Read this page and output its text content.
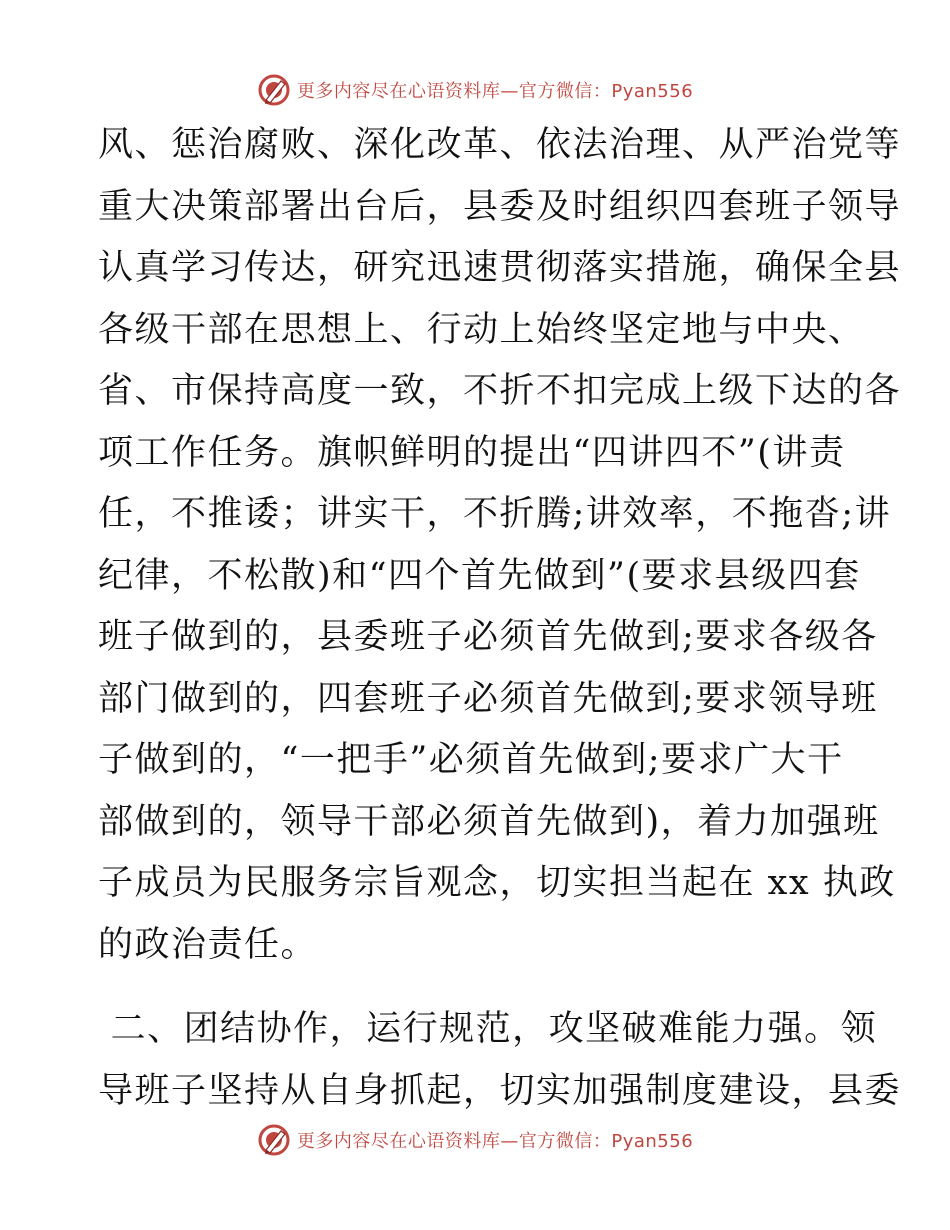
更多内容尽在心语资料库—官方微信：Pyan556
风、惩治腐败、深化改革、依法治理、从严治党等
重大决策部署出台后，县委及时组织四套班子领导
认真学习传达，研究迅速贯彻落实措施，确保全县
各级干部在思想上、行动上始终坚定地与中央、
省、市保持高度一致，不折不扣完成上级下达的各
项工作任务。旗帜鲜明的提出“四讲四不”(讲责
任，不推诿；讲实干，不折腾;讲效率，不拖沓;讲
纪律，不松散)和“四个首先做到”(要求县级四套
班子做到的，县委班子必须首先做到;要求各级各
部门做到的，四套班子必须首先做到;要求领导班
子做到的，“一把手”必须首先做到;要求广大干
部做到的，领导干部必须首先做到)，着力加强班
子成员为民服务宗旨观念，切实担当起在 xx 执政
的政治责任。
二、团结协作，运行规范，攻坚破难能力强。领
导班子坚持从自身抓起，切实加强制度建设，县委
更多内容尽在心语资料库—官方微信：Pyan556
